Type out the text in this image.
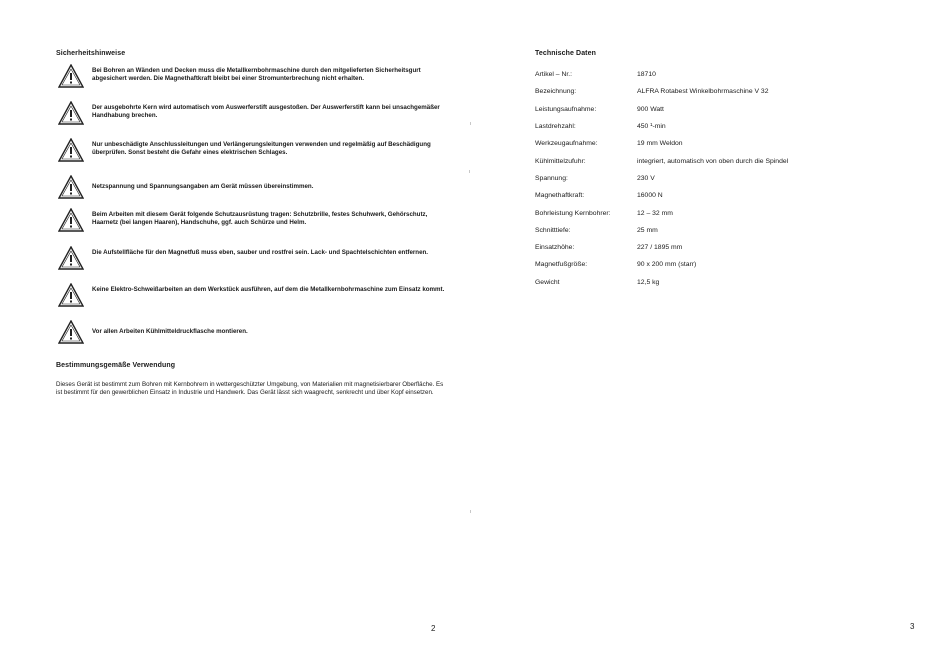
Sicherheitshinweise
Bei Bohren an Wänden und Decken muss die Metallkernbohrmaschine durch den mitgelieferten Sicherheitsgurt abgesichert werden. Die Magnethaftkraft bleibt bei einer Stromunterbrechung nicht erhalten.
Der ausgebohrte Kern wird automatisch vom Auswerferstift ausgestoßen. Der Auswerferstift kann bei unsachgemäßer Handhabung brechen.
Nur unbeschädigte Anschlussleitungen und Verlängerungsleitungen verwenden und regelmäßig auf Beschädigung überprüfen. Sonst besteht die Gefahr eines elektrischen Schlages.
Netzspannung und Spannungsangaben am Gerät müssen übereinstimmen.
Beim Arbeiten mit diesem Gerät folgende Schutzausrüstung tragen: Schutzbrille, festes Schuhwerk, Gehörschutz, Haarnetz (bei langen Haaren), Handschuhe, ggf. auch Schürze und Helm.
Die Aufstellfläche für den Magnetfuß muss eben, sauber und rostfrei sein. Lack- und Spachtelschichten entfernen.
Keine Elektro-Schweißarbeiten an dem Werkstück ausführen, auf dem die Metallkernbohrmaschine zum Einsatz kommt.
Vor allen Arbeiten Kühlmitteldruckflasche montieren.
Bestimmungsgemäße Verwendung
Dieses Gerät ist bestimmt zum Bohren mit Kernbohrern in wettergeschützter Umgebung, von Materialien mit magnetisierbarer Oberfläche. Es ist bestimmt für den gewerblichen Einsatz in Industrie und Handwerk. Das Gerät lässt sich waagrecht, senkrecht und über Kopf einsetzen.
2
Technische Daten
Artikel – Nr.:	18710
Bezeichnung:	ALFRA Rotabest Winkelbohrmaschine V 32
Leistungsaufnahme:	900 Watt
Lastdrehzahl:	450 ¹-min
Werkzeugaufnahme:	19 mm Weldon
Kühlmittelzufuhr:	integriert, automatisch von oben durch die Spindel
Spannung:	230 V
Magnethaftkraft:	16000 N
Bohrleistung Kernbohrer:	12 – 32 mm
Schnitttiefe:	25 mm
Einsatzhöhe:	227 / 1895 mm
Magnetfußgröße:	90 x 200 mm (starr)
Gewicht	12,5 kg
3
